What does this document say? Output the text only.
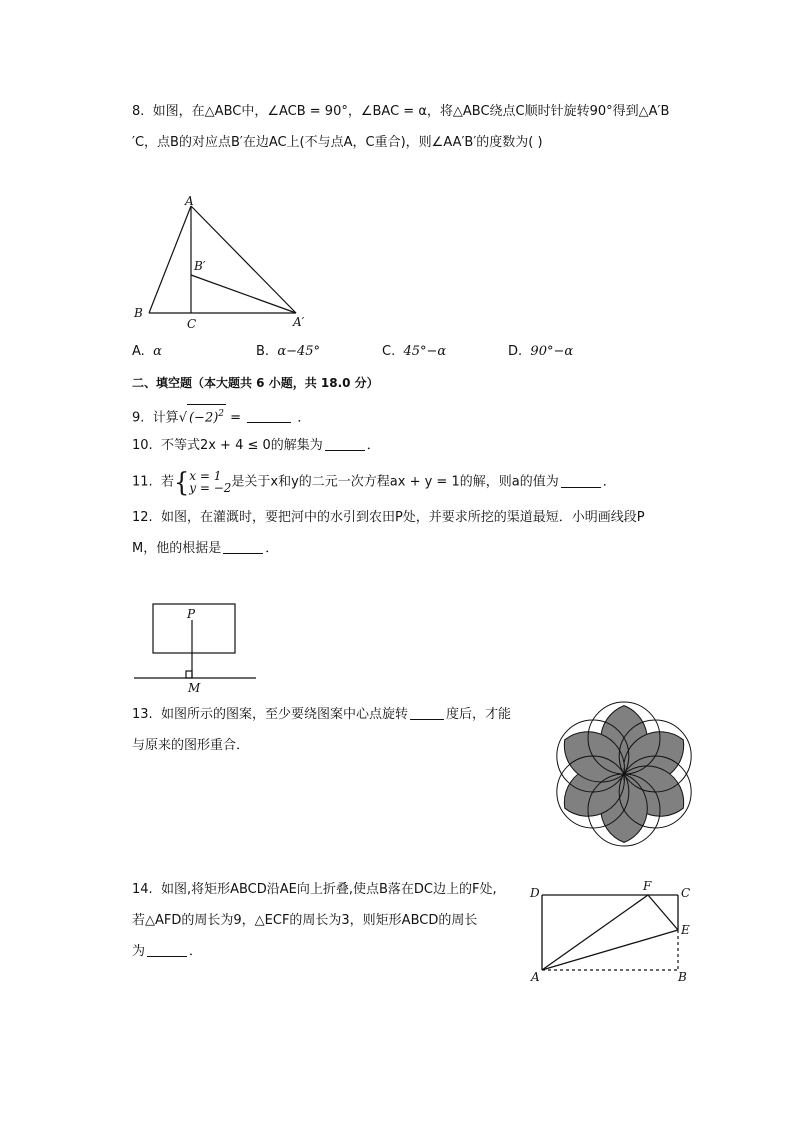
8. 如图，在△ABC中，∠ACB = 90°，∠BAC = α，将△ABC绕点C顺时针旋转90°得到△A′B
′C，点B的对应点B′在边AC上(不与点A，C重合)，则∠AA′B′的度数为( )
A
B
C
B′
A′
A. α	B. α−45°	C. 45°−α	D. 90°−α
二、填空题（本大题共 6 小题，共 18.0 分）
9. 计算√ $(-2)^2$ =	．
10. 不等式2x + 4 ≤ 0的解集为	．
11. 若{ x = 1
y = −2 是关于x和y的二元一次方程ax + y = 1的解，则a的值为	．
12. 如图，在灌溉时，要把河中的水引到农田P处，并要求所挖的渠道最短．小明画线段P
M，他的根据是	．
P
M
13. 如图所示的图案，至少要绕图案中心点旋转	度后，才能
与原来的图形重合．
14. 如图,将矩形ABCD沿AE向上折叠,使点B落在DC边上的F处,
若△AFD的周长为9，△ECF的周长为3，则矩形ABCD的周长
为	．
D	F C
E
A	B
